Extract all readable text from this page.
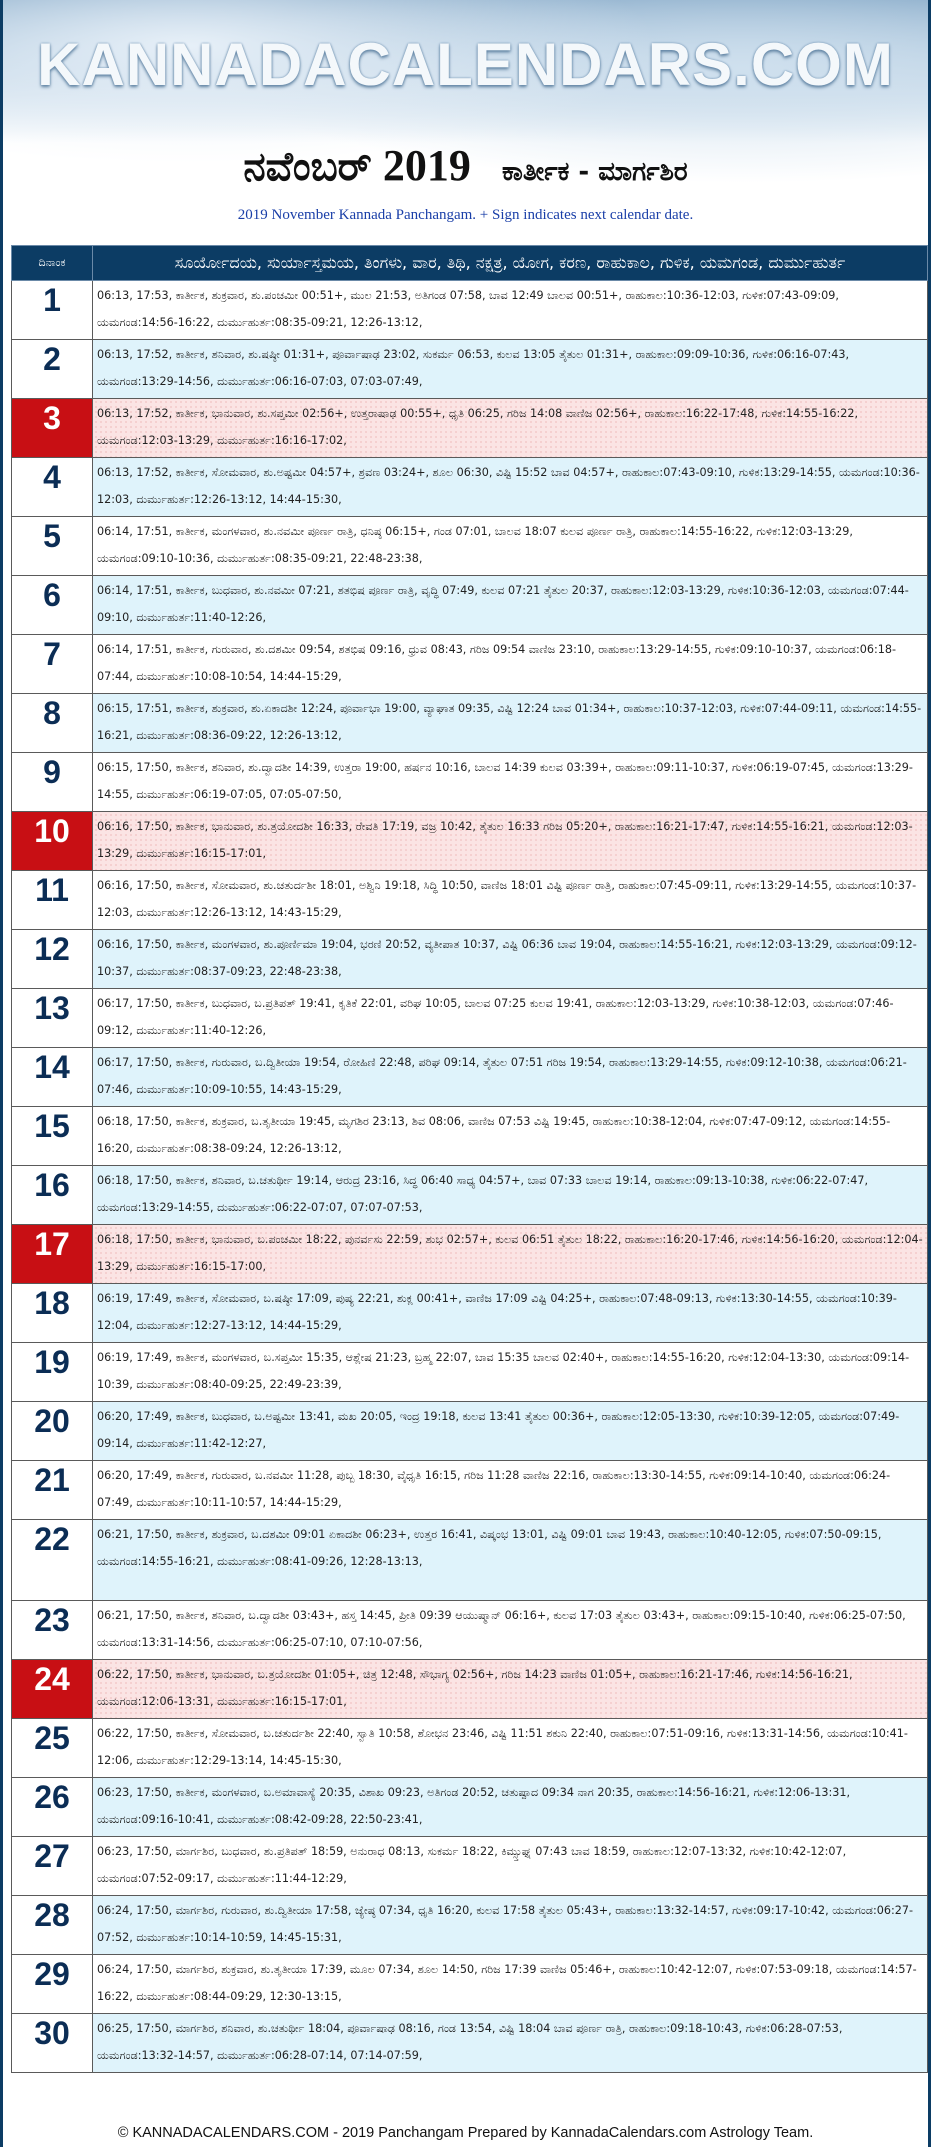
KANNADACALENDARS.COM
ನವೆಂಬರ್ 2019 ಕಾರ್ತೀಕ - ಮಾರ್ಗಶಿರ
2019 November Kannada Panchangam. + Sign indicates next calendar date.
ದಿನಾಂಕ	ಸೂರ್ಯೋದಯ, ಸುರ್ಯಾಸ್ತಮಯ, ತಿಂಗಳು, ವಾರ, ತಿಥಿ, ನಕ್ಷತ್ರ, ಯೋಗ, ಕರಣ, ರಾಹುಕಾಲ, ಗುಳಿಕ, ಯಮಗಂಡ, ದುರ್ಮುಹುರ್ತ
1	06:13, 17:53, ಕಾರ್ತೀಕ, ಶುಕ್ರವಾರ, ಶು.ಪಂಚಮೀ 00:51+, ಮುಲ 21:53, ಅತಿಗಂಡ 07:58, ಬಾವ 12:49 ಬಾಲವ 00:51+, ರಾಹುಕಾಲ:10:36-12:03, ಗುಳಿಕ:07:43-09:09, ಯಮಗಂಡ:14:56-16:22, ದುರ್ಮುಹುರ್ತ:08:35-09:21, 12:26-13:12,
2	06:13, 17:52, ಕಾರ್ತೀಕ, ಶನಿವಾರ, ಶು.ಷಷ್ಠೀ 01:31+, ಪೂರ್ವಾಷಾಢ 23:02, ಸುಕರ್ಮ 06:53, ಕುಲವ 13:05 ತೈತುಲ 01:31+, ರಾಹುಕಾಲ:09:09-10:36, ಗುಳಿಕ:06:16-07:43, ಯಮಗಂಡ:13:29-14:56, ದುರ್ಮುಹುರ್ತ:06:16-07:03, 07:03-07:49,
3	06:13, 17:52, ಕಾರ್ತೀಕ, ಭಾನುವಾರ, ಶು.ಸಪ್ತಮೀ 02:56+, ಉತ್ತರಾಷಾಢ 00:55+, ಧೃತಿ 06:25, ಗರಿಜ 14:08 ವಾಣಿಜ 02:56+, ರಾಹುಕಾಲ:16:22-17:48, ಗುಳಿಕ:14:55-16:22, ಯಮಗಂಡ:12:03-13:29, ದುರ್ಮುಹುರ್ತ:16:16-17:02,
4	06:13, 17:52, ಕಾರ್ತೀಕ, ಸೋಮವಾರ, ಶು.ಅಷ್ಟಮೀ 04:57+, ಶ್ರವಣ 03:24+, ಶೂಲ 06:30, ವಿಷ್ಟಿ 15:52 ಬಾವ 04:57+, ರಾಹುಕಾಲ:07:43-09:10, ಗುಳಿಕ:13:29-14:55, ಯಮಗಂಡ:10:36-12:03, ದುರ್ಮುಹುರ್ತ:12:26-13:12, 14:44-15:30,
5	06:14, 17:51, ಕಾರ್ತೀಕ, ಮಂಗಳವಾರ, ಶು.ನವಮೀ ಪೂರ್ಣ ರಾತ್ರಿ, ಧನಿಷ್ಠ 06:15+, ಗಂಡ 07:01, ಬಾಲವ 18:07 ಕುಲವ ಪೂರ್ಣ ರಾತ್ರಿ, ರಾಹುಕಾಲ:14:55-16:22, ಗುಳಿಕ:12:03-13:29, ಯಮಗಂಡ:09:10-10:36, ದುರ್ಮುಹುರ್ತ:08:35-09:21, 22:48-23:38,
6	06:14, 17:51, ಕಾರ್ತೀಕ, ಬುಧವಾರ, ಶು.ನವಮೀ 07:21, ಶತಭಿಷ ಪೂರ್ಣ ರಾತ್ರಿ, ವೃದ್ಧಿ 07:49, ಕುಲವ 07:21 ತೈತುಲ 20:37, ರಾಹುಕಾಲ:12:03-13:29, ಗುಳಿಕ:10:36-12:03, ಯಮಗಂಡ:07:44-09:10, ದುರ್ಮುಹುರ್ತ:11:40-12:26,
7	06:14, 17:51, ಕಾರ್ತೀಕ, ಗುರುವಾರ, ಶು.ದಶಮೀ 09:54, ಶತಭಿಷ 09:16, ಧ್ರುವ 08:43, ಗರಿಜ 09:54 ವಾಣಿಜ 23:10, ರಾಹುಕಾಲ:13:29-14:55, ಗುಳಿಕ:09:10-10:37, ಯಮಗಂಡ:06:18-07:44, ದುರ್ಮುಹುರ್ತ:10:08-10:54, 14:44-15:29,
8	06:15, 17:51, ಕಾರ್ತೀಕ, ಶುಕ್ರವಾರ, ಶು.ಏಕಾದಶೀ 12:24, ಪೂರ್ವಾಭಾ 19:00, ವ್ಯಾಘಾತ 09:35, ವಿಷ್ಟಿ 12:24 ಬಾವ 01:34+, ರಾಹುಕಾಲ:10:37-12:03, ಗುಳಿಕ:07:44-09:11, ಯಮಗಂಡ:14:55-16:21, ದುರ್ಮುಹುರ್ತ:08:36-09:22, 12:26-13:12,
9	06:15, 17:50, ಕಾರ್ತೀಕ, ಶನಿವಾರ, ಶು.ದ್ವಾದಶೀ 14:39, ಉತ್ತರಾ 19:00, ಹರ್ಷನ 10:16, ಬಾಲವ 14:39 ಕುಲವ 03:39+, ರಾಹುಕಾಲ:09:11-10:37, ಗುಳಿಕ:06:19-07:45, ಯಮಗಂಡ:13:29-14:55, ದುರ್ಮುಹುರ್ತ:06:19-07:05, 07:05-07:50,
10	06:16, 17:50, ಕಾರ್ತೀಕ, ಭಾನುವಾರ, ಶು.ತ್ರಯೋದಶೀ 16:33, ರೇವತಿ 17:19, ವಜ್ರ 10:42, ತೈತುಲ 16:33 ಗರಿಜ 05:20+, ರಾಹುಕಾಲ:16:21-17:47, ಗುಳಿಕ:14:55-16:21, ಯಮಗಂಡ:12:03-13:29, ದುರ್ಮುಹುರ್ತ:16:15-17:01,
11	06:16, 17:50, ಕಾರ್ತೀಕ, ಸೋಮವಾರ, ಶು.ಚತುರ್ದಶೀ 18:01, ಅಶ್ವಿನಿ 19:18, ಸಿದ್ಧಿ 10:50, ವಾಣಿಜ 18:01 ವಿಷ್ಟಿ ಪೂರ್ಣ ರಾತ್ರಿ, ರಾಹುಕಾಲ:07:45-09:11, ಗುಳಿಕ:13:29-14:55, ಯಮಗಂಡ:10:37-12:03, ದುರ್ಮುಹುರ್ತ:12:26-13:12, 14:43-15:29,
12	06:16, 17:50, ಕಾರ್ತೀಕ, ಮಂಗಳವಾರ, ಶು.ಪೂರ್ಣಿಮಾ 19:04, ಭರಣಿ 20:52, ವ್ಯತೀಪಾತ 10:37, ವಿಷ್ಟಿ 06:36 ಬಾವ 19:04, ರಾಹುಕಾಲ:14:55-16:21, ಗುಳಿಕ:12:03-13:29, ಯಮಗಂಡ:09:12-10:37, ದುರ್ಮುಹುರ್ತ:08:37-09:23, 22:48-23:38,
13	06:17, 17:50, ಕಾರ್ತೀಕ, ಬುಧವಾರ, ಬ.ಪ್ರತಿಪತ್ 19:41, ಕೃತಿಕೆ 22:01, ವರಿಘ 10:05, ಬಾಲವ 07:25 ಕುಲವ 19:41, ರಾಹುಕಾಲ:12:03-13:29, ಗುಳಿಕ:10:38-12:03, ಯಮಗಂಡ:07:46-09:12, ದುರ್ಮುಹುರ್ತ:11:40-12:26,
14	06:17, 17:50, ಕಾರ್ತೀಕ, ಗುರುವಾರ, ಬ.ದ್ವಿತೀಯಾ 19:54, ರೋಹಿಣಿ 22:48, ಪರಿಘ 09:14, ತೈತುಲ 07:51 ಗರಿಜ 19:54, ರಾಹುಕಾಲ:13:29-14:55, ಗುಳಿಕ:09:12-10:38, ಯಮಗಂಡ:06:21-07:46, ದುರ್ಮುಹುರ್ತ:10:09-10:55, 14:43-15:29,
15	06:18, 17:50, ಕಾರ್ತೀಕ, ಶುಕ್ರವಾರ, ಬ.ತೃತೀಯಾ 19:45, ಮೃಗಶಿರ 23:13, ಶಿವ 08:06, ವಾಣಿಜ 07:53 ವಿಷ್ಟಿ 19:45, ರಾಹುಕಾಲ:10:38-12:04, ಗುಳಿಕ:07:47-09:12, ಯಮಗಂಡ:14:55-16:20, ದುರ್ಮುಹುರ್ತ:08:38-09:24, 12:26-13:12,
16	06:18, 17:50, ಕಾರ್ತೀಕ, ಶನಿವಾರ, ಬ.ಚತುರ್ಥೀ 19:14, ಆರುದ್ರ 23:16, ಸಿದ್ಧ 06:40 ಸಾಧ್ಯ 04:57+, ಬಾವ 07:33 ಬಾಲವ 19:14, ರಾಹುಕಾಲ:09:13-10:38, ಗುಳಿಕ:06:22-07:47, ಯಮಗಂಡ:13:29-14:55, ದುರ್ಮುಹುರ್ತ:06:22-07:07, 07:07-07:53,
17	06:18, 17:50, ಕಾರ್ತೀಕ, ಭಾನುವಾರ, ಬ.ಪಂಚಮೀ 18:22, ಪುನರ್ವಸು 22:59, ಶುಭ 02:57+, ಕುಲವ 06:51 ತೈತುಲ 18:22, ರಾಹುಕಾಲ:16:20-17:46, ಗುಳಿಕ:14:56-16:20, ಯಮಗಂಡ:12:04-13:29, ದುರ್ಮುಹುರ್ತ:16:15-17:00,
18	06:19, 17:49, ಕಾರ್ತೀಕ, ಸೋಮವಾರ, ಬ.ಷಷ್ಠೀ 17:09, ಪುಷ್ಯ 22:21, ಶುಕ್ಲ 00:41+, ವಾಣಿಜ 17:09 ವಿಷ್ಟಿ 04:25+, ರಾಹುಕಾಲ:07:48-09:13, ಗುಳಿಕ:13:30-14:55, ಯಮಗಂಡ:10:39-12:04, ದುರ್ಮುಹುರ್ತ:12:27-13:12, 14:44-15:29,
19	06:19, 17:49, ಕಾರ್ತೀಕ, ಮಂಗಳವಾರ, ಬ.ಸಪ್ತಮೀ 15:35, ಆಶ್ಲೇಷ 21:23, ಬ್ರಹ್ಮ 22:07, ಬಾವ 15:35 ಬಾಲವ 02:40+, ರಾಹುಕಾಲ:14:55-16:20, ಗುಳಿಕ:12:04-13:30, ಯಮಗಂಡ:09:14-10:39, ದುರ್ಮುಹುರ್ತ:08:40-09:25, 22:49-23:39,
20	06:20, 17:49, ಕಾರ್ತೀಕ, ಬುಧವಾರ, ಬ.ಅಷ್ಟಮೀ 13:41, ಮಖ 20:05, ಇಂದ್ರ 19:18, ಕುಲವ 13:41 ತೈತುಲ 00:36+, ರಾಹುಕಾಲ:12:05-13:30, ಗುಳಿಕ:10:39-12:05, ಯಮಗಂಡ:07:49-09:14, ದುರ್ಮುಹುರ್ತ:11:42-12:27,
21	06:20, 17:49, ಕಾರ್ತೀಕ, ಗುರುವಾರ, ಬ.ನವಮೀ 11:28, ಪುಬ್ಬ 18:30, ವೈಧೃತಿ 16:15, ಗರಿಜ 11:28 ವಾಣಿಜ 22:16, ರಾಹುಕಾಲ:13:30-14:55, ಗುಳಿಕ:09:14-10:40, ಯಮಗಂಡ:06:24-07:49, ದುರ್ಮುಹುರ್ತ:10:11-10:57, 14:44-15:29,
22	06:21, 17:50, ಕಾರ್ತೀಕ, ಶುಕ್ರವಾರ, ಬ.ದಶಮೀ 09:01 ಏಕಾದಶೀ 06:23+, ಉತ್ತರ 16:41, ವಿಷ್ಕಂಭ 13:01, ವಿಷ್ಟಿ 09:01 ಬಾವ 19:43, ರಾಹುಕಾಲ:10:40-12:05, ಗುಳಿಕ:07:50-09:15, ಯಮಗಂಡ:14:55-16:21, ದುರ್ಮುಹುರ್ತ:08:41-09:26, 12:28-13:13,
23	06:21, 17:50, ಕಾರ್ತೀಕ, ಶನಿವಾರ, ಬ.ದ್ವಾದಶೀ 03:43+, ಹಸ್ತ 14:45, ಪ್ರೀತಿ 09:39 ಆಯುಷ್ಮಾನ್ 06:16+, ಕುಲವ 17:03 ತೈತುಲ 03:43+, ರಾಹುಕಾಲ:09:15-10:40, ಗುಳಿಕ:06:25-07:50, ಯಮಗಂಡ:13:31-14:56, ದುರ್ಮುಹುರ್ತ:06:25-07:10, 07:10-07:56,
24	06:22, 17:50, ಕಾರ್ತೀಕ, ಭಾನುವಾರ, ಬ.ತ್ರಯೋದಶೀ 01:05+, ಚಿತ್ರ 12:48, ಸೌಭಾಗ್ಯ 02:56+, ಗರಿಜ 14:23 ವಾಣಿಜ 01:05+, ರಾಹುಕಾಲ:16:21-17:46, ಗುಳಿಕ:14:56-16:21, ಯಮಗಂಡ:12:06-13:31, ದುರ್ಮುಹುರ್ತ:16:15-17:01,
25	06:22, 17:50, ಕಾರ್ತೀಕ, ಸೋಮವಾರ, ಬ.ಚತುರ್ದಶೀ 22:40, ಸ್ವಾತಿ 10:58, ಶೋಭನ 23:46, ವಿಷ್ಟಿ 11:51 ಶಕುನಿ 22:40, ರಾಹುಕಾಲ:07:51-09:16, ಗುಳಿಕ:13:31-14:56, ಯಮಗಂಡ:10:41-12:06, ದುರ್ಮುಹುರ್ತ:12:29-13:14, 14:45-15:30,
26	06:23, 17:50, ಕಾರ್ತೀಕ, ಮಂಗಳವಾರ, ಬ.ಅಮಾವಾಸ್ಯೆ 20:35, ವಿಶಾಖ 09:23, ಅತಿಗಂಡ 20:52, ಚತುಷ್ಪಾದ 09:34 ನಾಗ 20:35, ರಾಹುಕಾಲ:14:56-16:21, ಗುಳಿಕ:12:06-13:31, ಯಮಗಂಡ:09:16-10:41, ದುರ್ಮುಹುರ್ತ:08:42-09:28, 22:50-23:41,
27	06:23, 17:50, ಮಾರ್ಗಶಿರ, ಬುಧವಾರ, ಶು.ಪ್ರತಿಪತ್ 18:59, ಅನುರಾಧ 08:13, ಸುಕರ್ಮ 18:22, ಕಿಮ್ಸ್ತುಘ್ನ 07:43 ಬಾವ 18:59, ರಾಹುಕಾಲ:12:07-13:32, ಗುಳಿಕ:10:42-12:07, ಯಮಗಂಡ:07:52-09:17, ದುರ್ಮುಹುರ್ತ:11:44-12:29,
28	06:24, 17:50, ಮಾರ್ಗಶಿರ, ಗುರುವಾರ, ಶು.ದ್ವಿತೀಯಾ 17:58, ಜ್ಯೇಷ್ಠ 07:34, ಧೃತಿ 16:20, ಕುಲವ 17:58 ತೈತುಲ 05:43+, ರಾಹುಕಾಲ:13:32-14:57, ಗುಳಿಕ:09:17-10:42, ಯಮಗಂಡ:06:27-07:52, ದುರ್ಮುಹುರ್ತ:10:14-10:59, 14:45-15:31,
29	06:24, 17:50, ಮಾರ್ಗಶಿರ, ಶುಕ್ರವಾರ, ಶು.ತೃತೀಯಾ 17:39, ಮೂಲ 07:34, ಶೂಲ 14:50, ಗರಿಜ 17:39 ವಾಣಿಜ 05:46+, ರಾಹುಕಾಲ:10:42-12:07, ಗುಳಿಕ:07:53-09:18, ಯಮಗಂಡ:14:57-16:22, ದುರ್ಮುಹುರ್ತ:08:44-09:29, 12:30-13:15,
30	06:25, 17:50, ಮಾರ್ಗಶಿರ, ಶನಿವಾರ, ಶು.ಚತುರ್ಥೀ 18:04, ಪೂರ್ವಾಷಾಢ 08:16, ಗಂಡ 13:54, ವಿಷ್ಟಿ 18:04 ಬಾವ ಪೂರ್ಣ ರಾತ್ರಿ, ರಾಹುಕಾಲ:09:18-10:43, ಗುಳಿಕ:06:28-07:53, ಯಮಗಂಡ:13:32-14:57, ದುರ್ಮುಹುರ್ತ:06:28-07:14, 07:14-07:59,
© KANNADACALENDARS.COM - 2019 Panchangam Prepared by KannadaCalendars.com Astrology Team.
